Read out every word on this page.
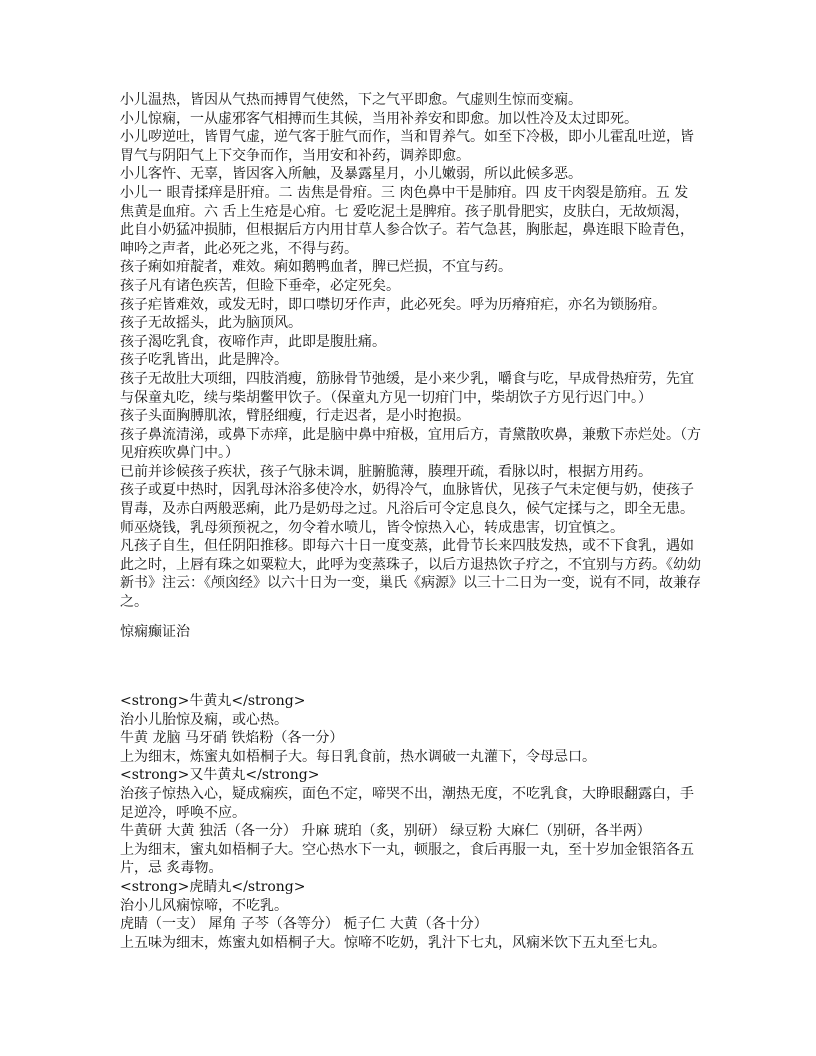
小儿温热，皆因从气热而搏胃气使然，下之气平即愈。气虚则生惊而变痫。
小儿惊痫，一从虚邪客气相搏而生其候，当用补养安和即愈。加以性冷及太过即死。
小儿哕逆吐，皆胃气虚，逆气客于脏气而作，当和胃养气。如至下冷极，即小儿霍乱吐逆，皆
胃气与阴阳气上下交争而作，当用安和补药，调养即愈。
小儿客忤、无辜，皆因客入所触，及暴露星月，小儿嫩弱，所以此候多恶。
小儿一 眼青揉痒是肝疳。二 齿焦是骨疳。三 肉色鼻中干是肺疳。四 皮干肉裂是筋疳。五 发
焦黄是血疳。六 舌上生疮是心疳。七 爱吃泥土是脾疳。孩子肌骨肥实，皮肤白，无故烦渴，
此自小奶猛冲损肺，但根据后方内用甘草人参合饮子。若气急甚，胸胀起，鼻连眼下睑青色，
呻吟之声者，此必死之兆，不得与药。
孩子痢如疳靛者，难效。痢如鹅鸭血者，脾已烂损，不宜与药。
孩子凡有诸色疾苦，但睑下垂牵，必定死矣。
孩子疟皆难效，或发无时，即口噤切牙作声，此必死矣。呼为历瘠疳疟，亦名为锁肠疳。
孩子无故摇头，此为脑顶风。
孩子渴吃乳食，夜啼作声，此即是腹肚痛。
孩子吃乳皆出，此是脾冷。
孩子无故肚大项细，四肢消瘦，筋脉骨节弛缓，是小来少乳，嚼食与吃，早成骨热疳劳，先宜
与保童丸吃，续与柴胡鳖甲饮子。（保童丸方见一切疳门中，柴胡饮子方见行迟门中。）
孩子头面胸膊肌浓，臂胫细瘦，行走迟者，是小时抱损。
孩子鼻流清涕，或鼻下赤痒，此是脑中鼻中疳极，宜用后方，青黛散吹鼻，兼敷下赤烂处。（方
见疳疾吹鼻门中。）
已前并诊候孩子疾状，孩子气脉未调，脏腑脆薄，腠理开疏，看脉以时，根据方用药。
孩子或夏中热时，因乳母沐浴多使冷水，奶得冷气，血脉皆伏，见孩子气未定便与奶，使孩子
胃毒，及赤白两般恶痢，此乃是奶母之过。凡浴后可令定息良久，候气定揉与之，即全无患。
师巫烧钱，乳母须预祝之，勿令着水喷儿，皆令惊热入心，转成患害，切宜慎之。
凡孩子自生，但任阴阳推移。即每六十日一度变蒸，此骨节长来四肢发热，或不下食乳，遇如
此之时，上唇有珠之如粟粒大，此呼为变蒸珠子，以后方退热饮子疗之，不宜别与方药。《幼幼
新书》注云：《颅囟经》以六十日为一变，巢氏《病源》以三十二日为一变，说有不同，故兼存
之。
惊痫癫证治
<strong>牛黄丸</strong>
治小儿胎惊及痫，或心热。
牛黄 龙脑 马牙硝 铁焰粉（各一分）
上为细末，炼蜜丸如梧桐子大。每日乳食前，热水调破一丸灌下，令母忌口。
<strong>又牛黄丸</strong>
治孩子惊热入心，疑成痫疾，面色不定，啼哭不出，潮热无度，不吃乳食，大睁眼翻露白，手
足逆冷，呼唤不应。
牛黄研 大黄 独活（各一分） 升麻 琥珀（炙，别研） 绿豆粉 大麻仁（别研，各半两）
上为细末，蜜丸如梧桐子大。空心热水下一丸，顿服之，食后再服一丸，至十岁加金银箔各五
片，忌 炙毒物。
<strong>虎睛丸</strong>
治小儿风痫惊啼，不吃乳。
虎睛（一支） 犀角 子芩（各等分） 栀子仁 大黄（各十分）
上五味为细末，炼蜜丸如梧桐子大。惊啼不吃奶，乳汁下七丸，风痫米饮下五丸至七丸。
